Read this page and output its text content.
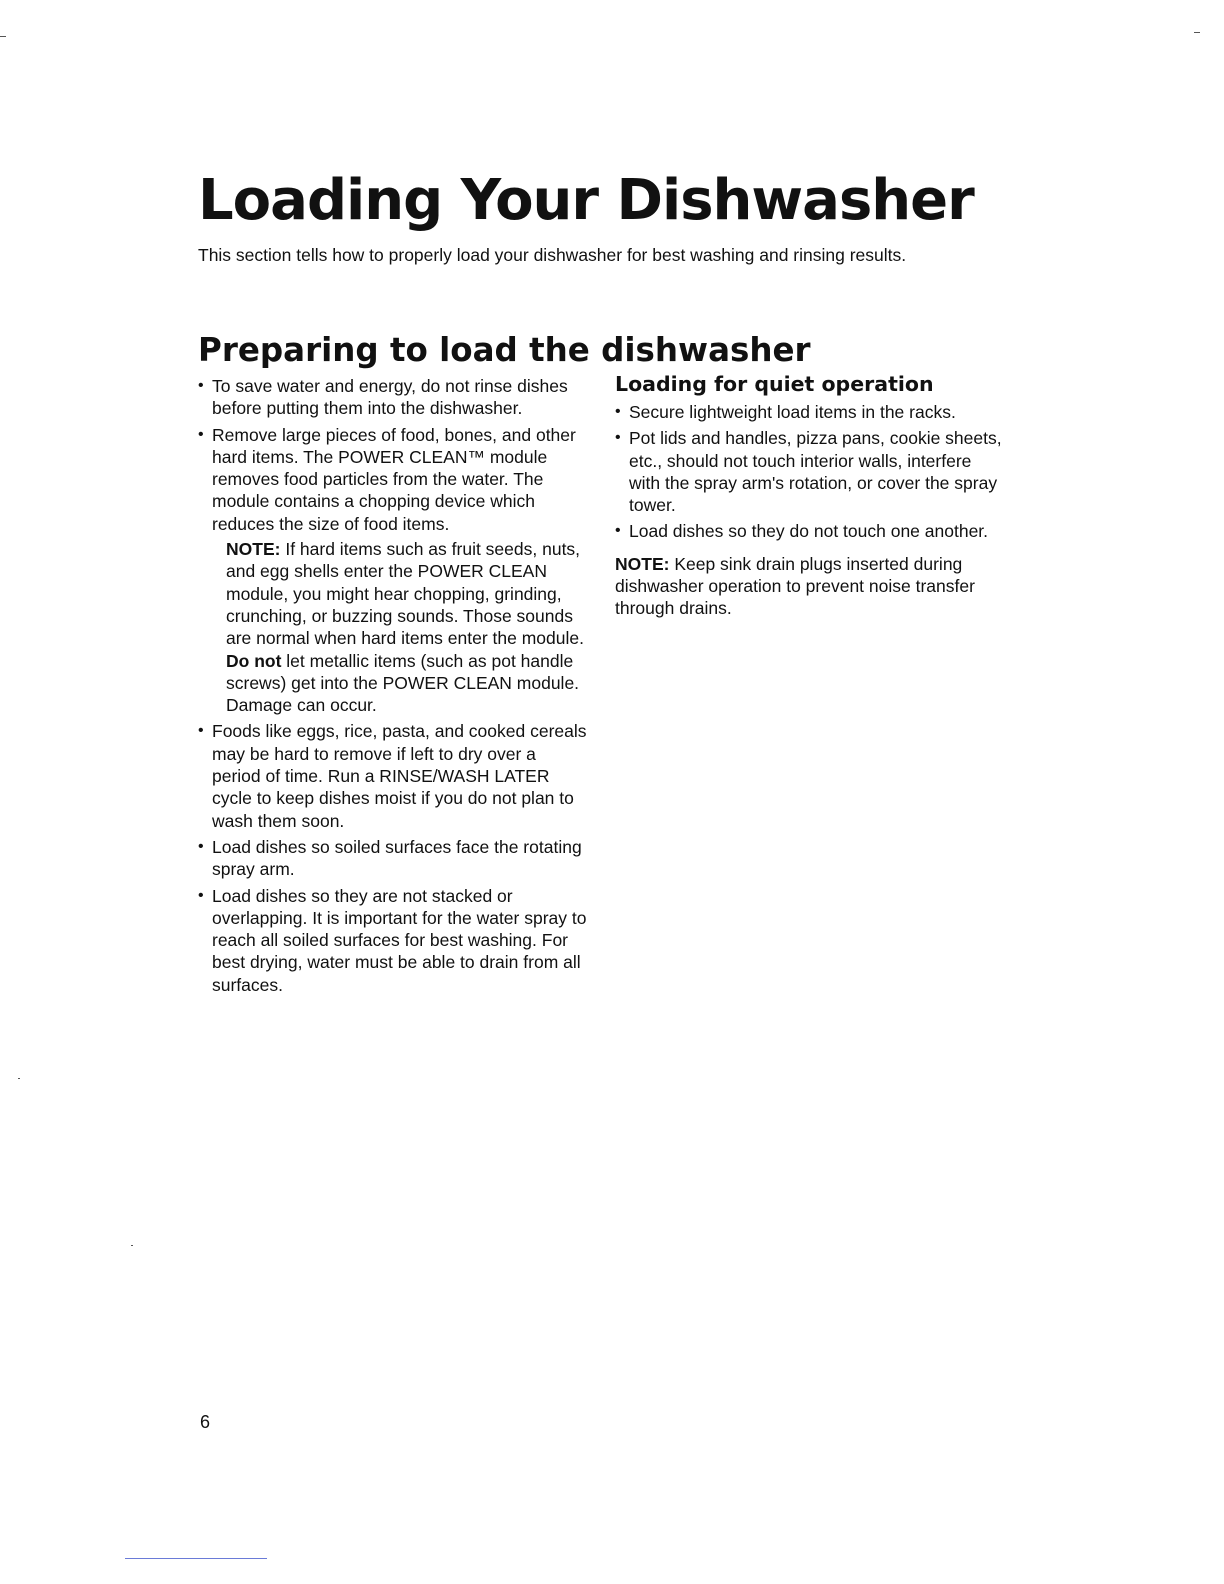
Loading Your Dishwasher

This section tells how to properly load your dishwasher for best washing and rinsing results.

Preparing to load the dishwasher
• To save water and energy, do not rinse dishes before putting them into the dishwasher.
• Remove large pieces of food, bones, and other hard items. The POWER CLEAN™ module removes food particles from the water. The module contains a chopping device which reduces the size of food items.
NOTE: If hard items such as fruit seeds, nuts, and egg shells enter the POWER CLEAN module, you might hear chopping, grinding, crunching, or buzzing sounds. Those sounds are normal when hard items enter the module. Do not let metallic items (such as pot handle screws) get into the POWER CLEAN module. Damage can occur.
• Foods like eggs, rice, pasta, and cooked cereals may be hard to remove if left to dry over a period of time. Run a RINSE/WASH LATER cycle to keep dishes moist if you do not plan to wash them soon.
• Load dishes so soiled surfaces face the rotating spray arm.
• Load dishes so they are not stacked or overlapping. It is important for the water spray to reach all soiled surfaces for best washing. For best drying, water must be able to drain from all surfaces.
Loading for quiet operation
• Secure lightweight load items in the racks.
• Pot lids and handles, pizza pans, cookie sheets, etc., should not touch interior walls, interfere with the spray arm's rotation, or cover the spray tower.
• Load dishes so they do not touch one another.

NOTE: Keep sink drain plugs inserted during dishwasher operation to prevent noise transfer through drains.

6
